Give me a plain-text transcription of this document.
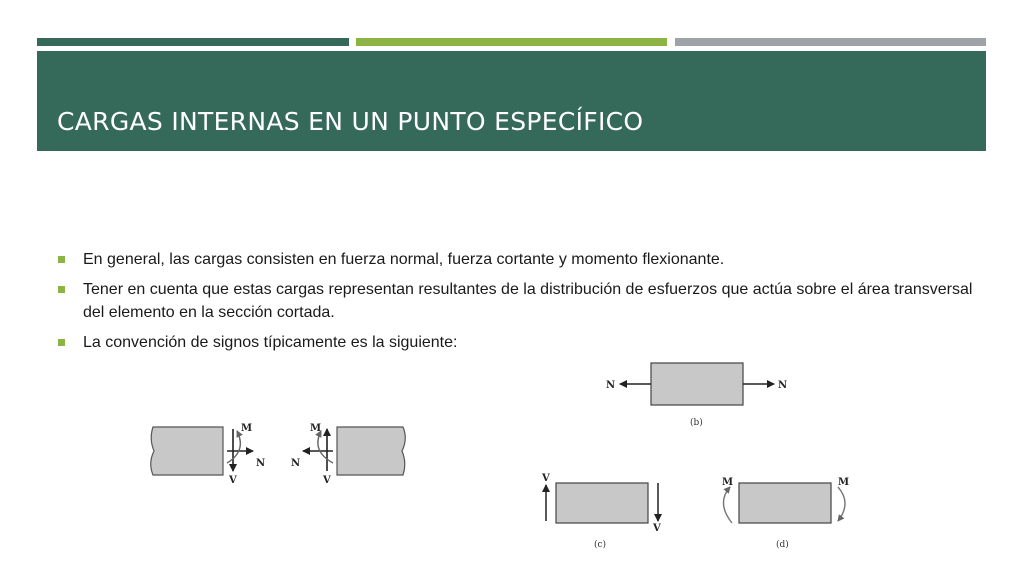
CARGAS INTERNAS EN UN PUNTO ESPECÍFICO
En general, las cargas consisten en fuerza normal, fuerza cortante y momento flexionante.
Tener en cuenta que estas cargas representan resultantes de la distribución de esfuerzos que actúa sobre el área transversal del elemento en la sección cortada.
La convención de signos típicamente es la siguiente:
M
N
V
M
N
V
N	N
(b)
V
V
(c)
M	M
(d)
